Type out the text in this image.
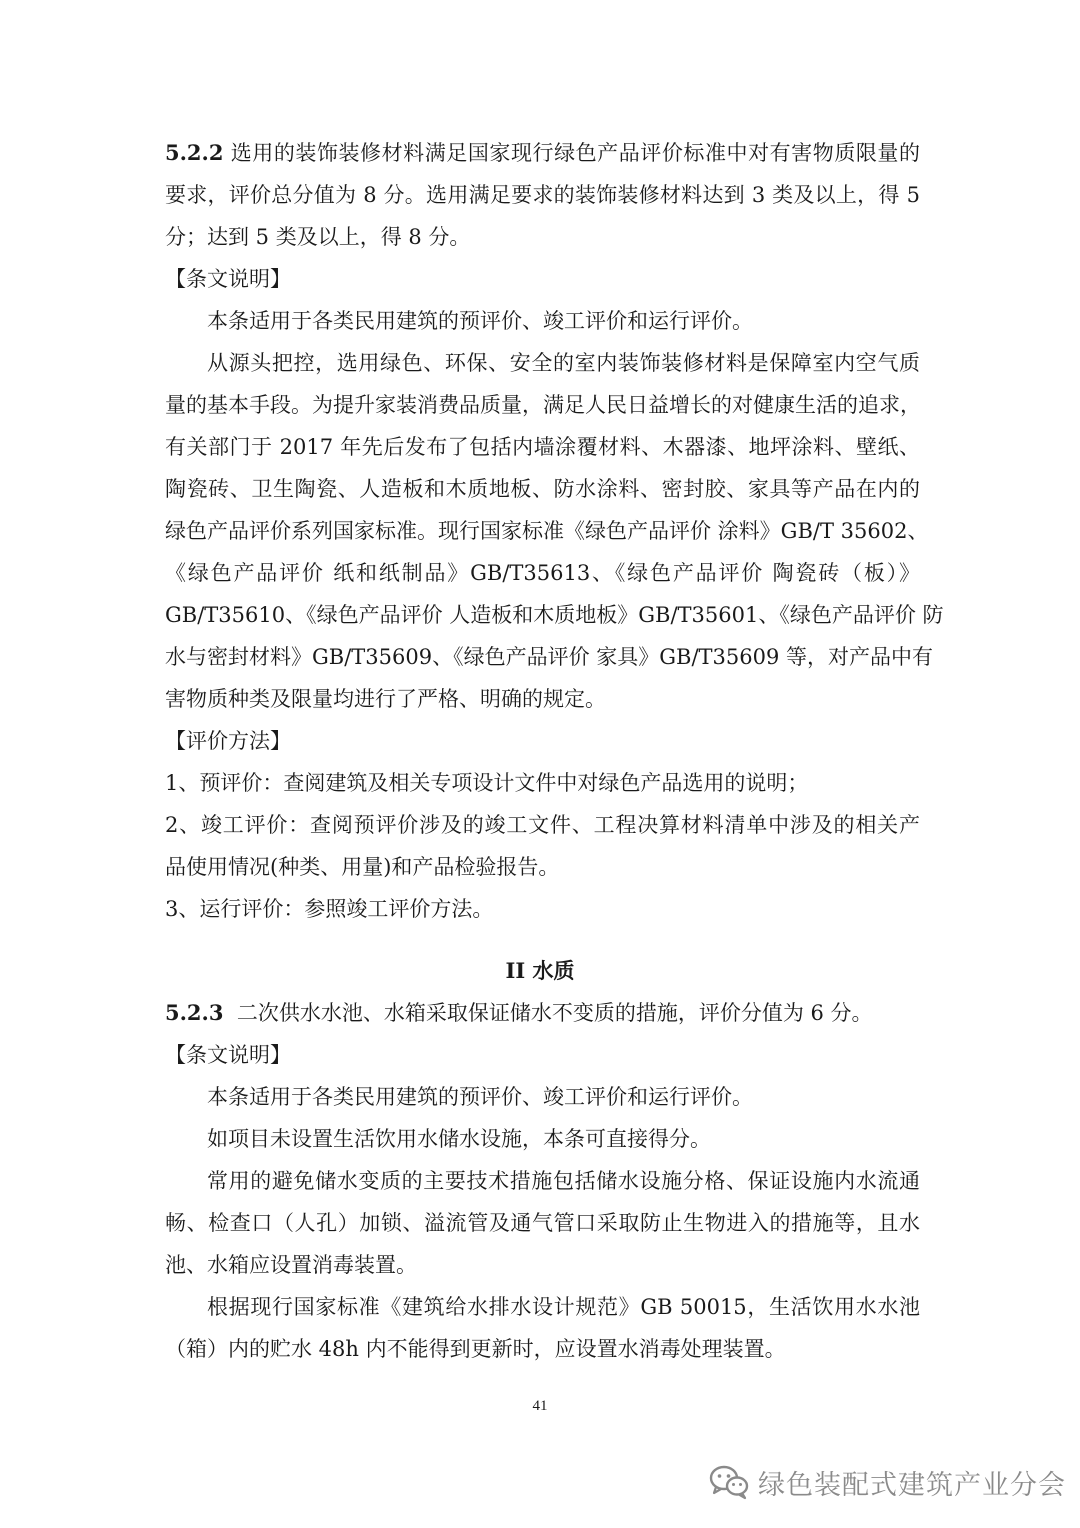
5.2.2 选用的装饰装修材料满足国家现行绿色产品评价标准中对有害物质限量的
要求，评价总分值为 8 分。选用满足要求的装饰装修材料达到 3 类及以上，得 5
分；达到 5 类及以上，得 8 分。
【条文说明】
本条适用于各类民用建筑的预评价、竣工评价和运行评价。
从源头把控，选用绿色、环保、安全的室内装饰装修材料是保障室内空气质
量的基本手段。为提升家装消费品质量，满足人民日益增长的对健康生活的追求，
有关部门于 2017 年先后发布了包括内墙涂覆材料、木器漆、地坪涂料、壁纸、
陶瓷砖、卫生陶瓷、人造板和木质地板、防水涂料、密封胶、家具等产品在内的
绿色产品评价系列国家标准。现行国家标准《绿色产品评价 涂料》GB/T 35602、
《绿色产品评价 纸和纸制品》GB/T35613、《绿色产品评价 陶瓷砖（板）》
GB/T35610、《绿色产品评价 人造板和木质地板》GB/T35601、《绿色产品评价 防
水与密封材料》GB/T35609、《绿色产品评价 家具》GB/T35609 等，对产品中有
害物质种类及限量均进行了严格、明确的规定。
【评价方法】
1、预评价：查阅建筑及相关专项设计文件中对绿色产品选用的说明；
2、竣工评价：查阅预评价涉及的竣工文件、工程决算材料清单中涉及的相关产
品使用情况(种类、用量)和产品检验报告。
3、运行评价：参照竣工评价方法。
II 水质
5.2.3 二次供水水池、水箱采取保证储水不变质的措施，评价分值为 6 分。
【条文说明】
本条适用于各类民用建筑的预评价、竣工评价和运行评价。
如项目未设置生活饮用水储水设施，本条可直接得分。
常用的避免储水变质的主要技术措施包括储水设施分格、保证设施内水流通
畅、检查口（人孔）加锁、溢流管及通气管口采取防止生物进入的措施等，且水
池、水箱应设置消毒装置。
根据现行国家标准《建筑给水排水设计规范》GB 50015，生活饮用水水池
（箱）内的贮水 48h 内不能得到更新时，应设置水消毒处理装置。
41
绿色装配式建筑产业分会
